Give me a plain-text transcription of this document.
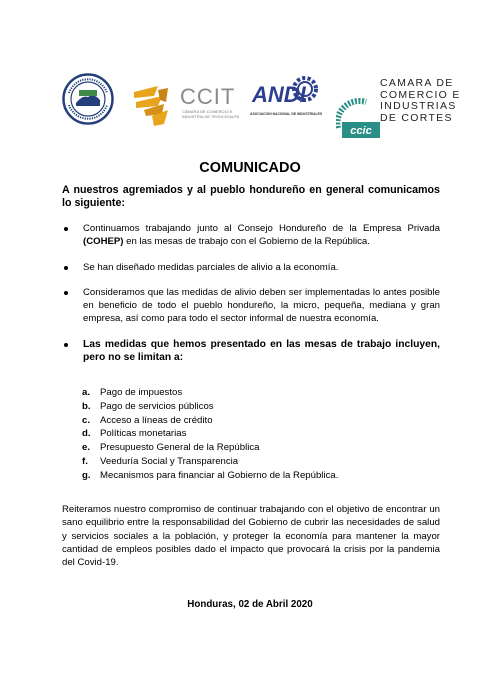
CCIT
CÁMARA DE COMERCIO E INDUSTRIA DE TEGUCIGALPA
ANDI
ASOCIACIÓN NACIONAL DE INDUSTRIALES
ccic
CAMARA DE
COMERCIO E
INDUSTRIAS
DE CORTES
COMUNICADO

A nuestros agremiados y al pueblo hondureño en general comunicamos lo siguiente:

Continuamos trabajando junto al Consejo Hondureño de la Empresa Privada (COHEP) en las mesas de trabajo con el Gobierno de la República.
Se han diseñado medidas parciales de alivio a la economía.
Consideramos que las medidas de alivio deben ser implementadas lo antes posible en beneficio de todo el pueblo hondureño, la micro, pequeña, mediana y gran empresa, así como para todo el sector informal de nuestra economía.
Las medidas que hemos presentado en las mesas de trabajo incluyen, pero no se limitan a:
a. Pago de impuestos
b. Pago de servicios públicos
c. Acceso a líneas de crédito
d. Políticas monetarias
e. Presupuesto General de la República
f. Veeduría Social y Transparencia
g. Mecanismos para financiar al Gobierno de la República.

Reiteramos nuestro compromiso de continuar trabajando con el objetivo de encontrar un sano equilibrio entre la responsabilidad del Gobierno de cubrir las necesidades de salud y servicios sociales a la población, y proteger la economía para mantener la mayor cantidad de empleos posibles dado el impacto que provocará la crisis por la pandemia del Covid-19.

Honduras, 02 de Abril 2020
